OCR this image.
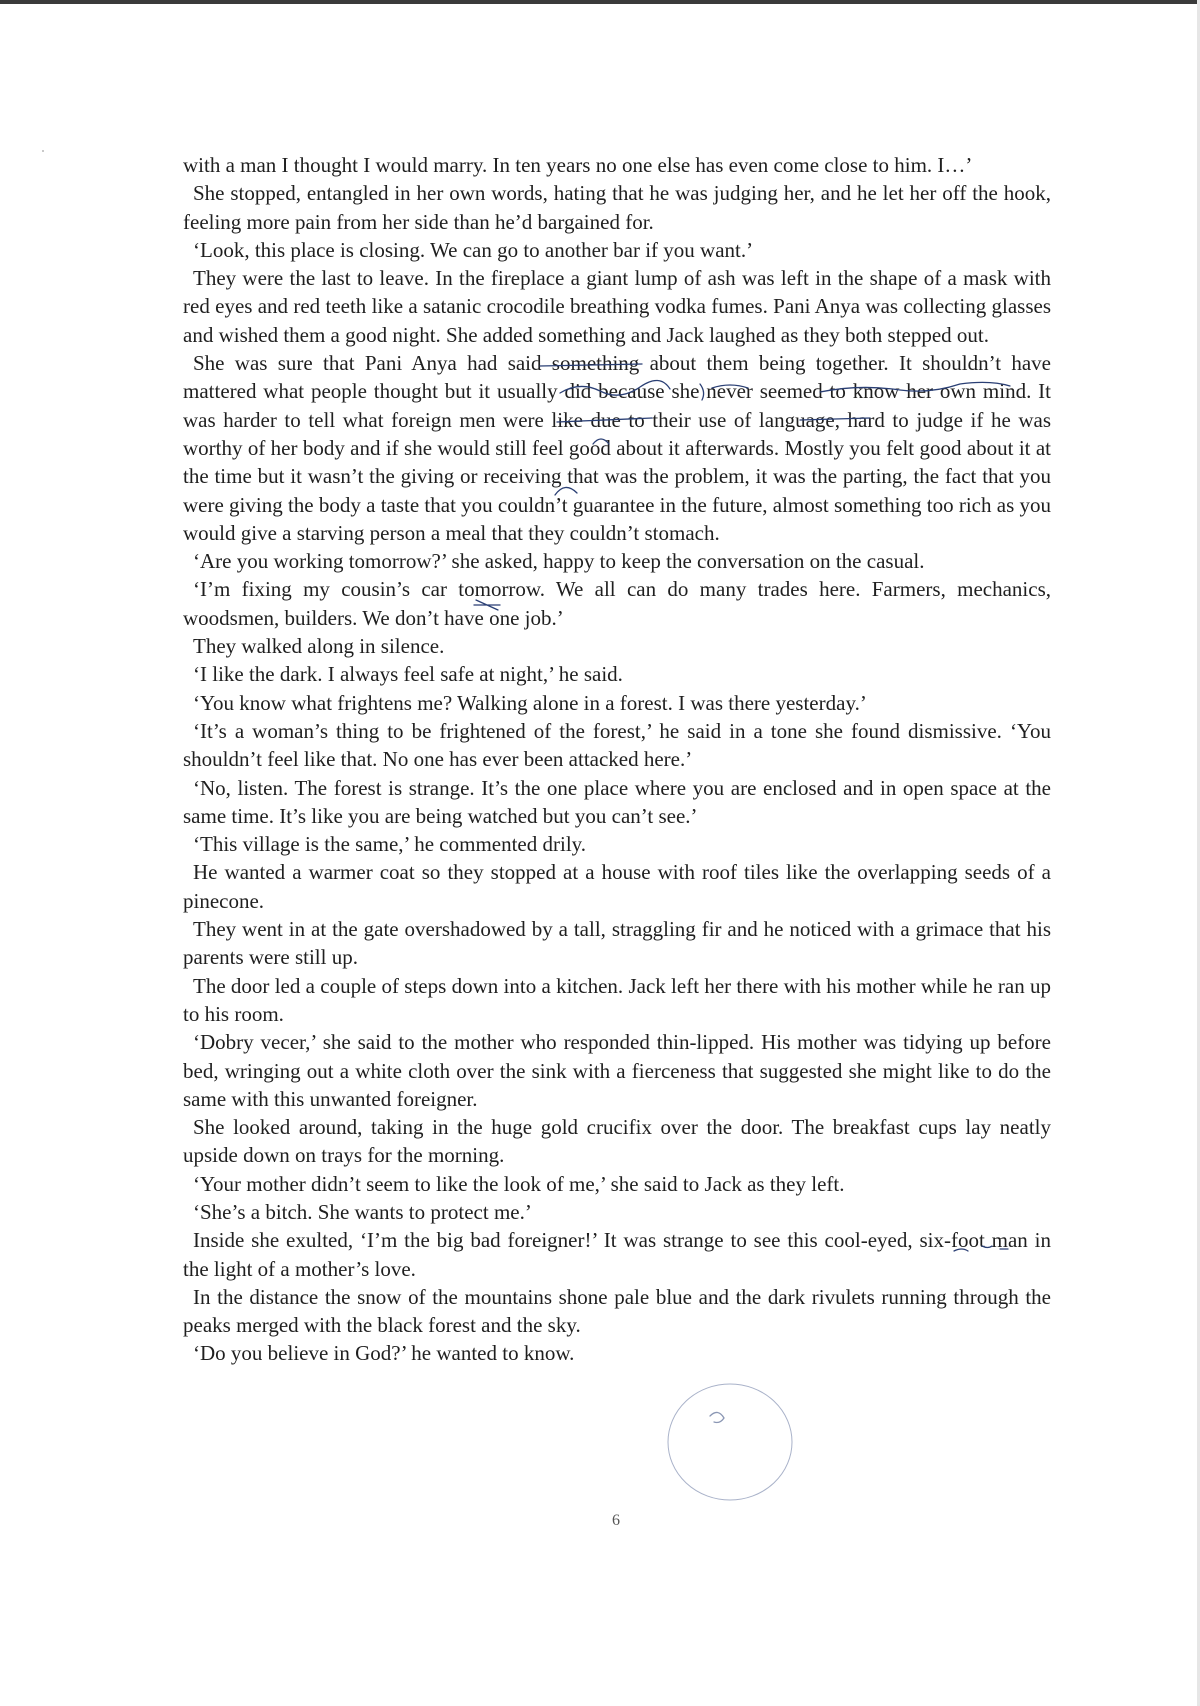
with a man I thought I would marry. In ten years no one else has even come close to him. I…’

She stopped, entangled in her own words, hating that he was judging her, and he let her off the hook, feeling more pain from her side than he’d bargained for.

‘Look, this place is closing. We can go to another bar if you want.’

They were the last to leave. In the fireplace a giant lump of ash was left in the shape of a mask with red eyes and red teeth like a satanic crocodile breathing vodka fumes. Pani Anya was collecting glasses and wished them a good night. She added something and Jack laughed as they both stepped out.

She was sure that Pani Anya had said something about them being together. It shouldn’t have mattered what people thought but it usually did because she never seemed to know her own mind. It was harder to tell what foreign men were like due to their use of language, hard to judge if he was worthy of her body and if she would still feel good about it afterwards. Mostly you felt good about it at the time but it wasn’t the giving or receiving that was the problem, it was the parting, the fact that you were giving the body a taste that you couldn’t guarantee in the future, almost something too rich as you would give a starving person a meal that they couldn’t stomach.

‘Are you working tomorrow?’ she asked, happy to keep the conversation on the casual.

‘I’m fixing my cousin’s car tomorrow. We all can do many trades here. Farmers, mechanics, woodsmen, builders. We don’t have one job.’

They walked along in silence.

‘I like the dark. I always feel safe at night,’ he said.

‘You know what frightens me? Walking alone in a forest. I was there yesterday.’

‘It’s a woman’s thing to be frightened of the forest,’ he said in a tone she found dismissive. ‘You shouldn’t feel like that. No one has ever been attacked here.’

‘No, listen. The forest is strange. It’s the one place where you are enclosed and in open space at the same time. It’s like you are being watched but you can’t see.’

‘This village is the same,’ he commented drily.

He wanted a warmer coat so they stopped at a house with roof tiles like the overlapping seeds of a pinecone.

They went in at the gate overshadowed by a tall, straggling fir and he noticed with a grimace that his parents were still up.

The door led a couple of steps down into a kitchen. Jack left her there with his mother while he ran up to his room.

‘Dobry vecer,’ she said to the mother who responded thin-lipped. His mother was tidying up before bed, wringing out a white cloth over the sink with a fierceness that suggested she might like to do the same with this unwanted foreigner.

She looked around, taking in the huge gold crucifix over the door. The breakfast cups lay neatly upside down on trays for the morning.

‘Your mother didn’t seem to like the look of me,’ she said to Jack as they left.

‘She’s a bitch. She wants to protect me.’

Inside she exulted, ‘I’m the big bad foreigner!’ It was strange to see this cool-eyed, six-foot man in the light of a mother’s love.

In the distance the snow of the mountains shone pale blue and the dark rivulets running through the peaks merged with the black forest and the sky.

‘Do you believe in God?’ he wanted to know.

6
